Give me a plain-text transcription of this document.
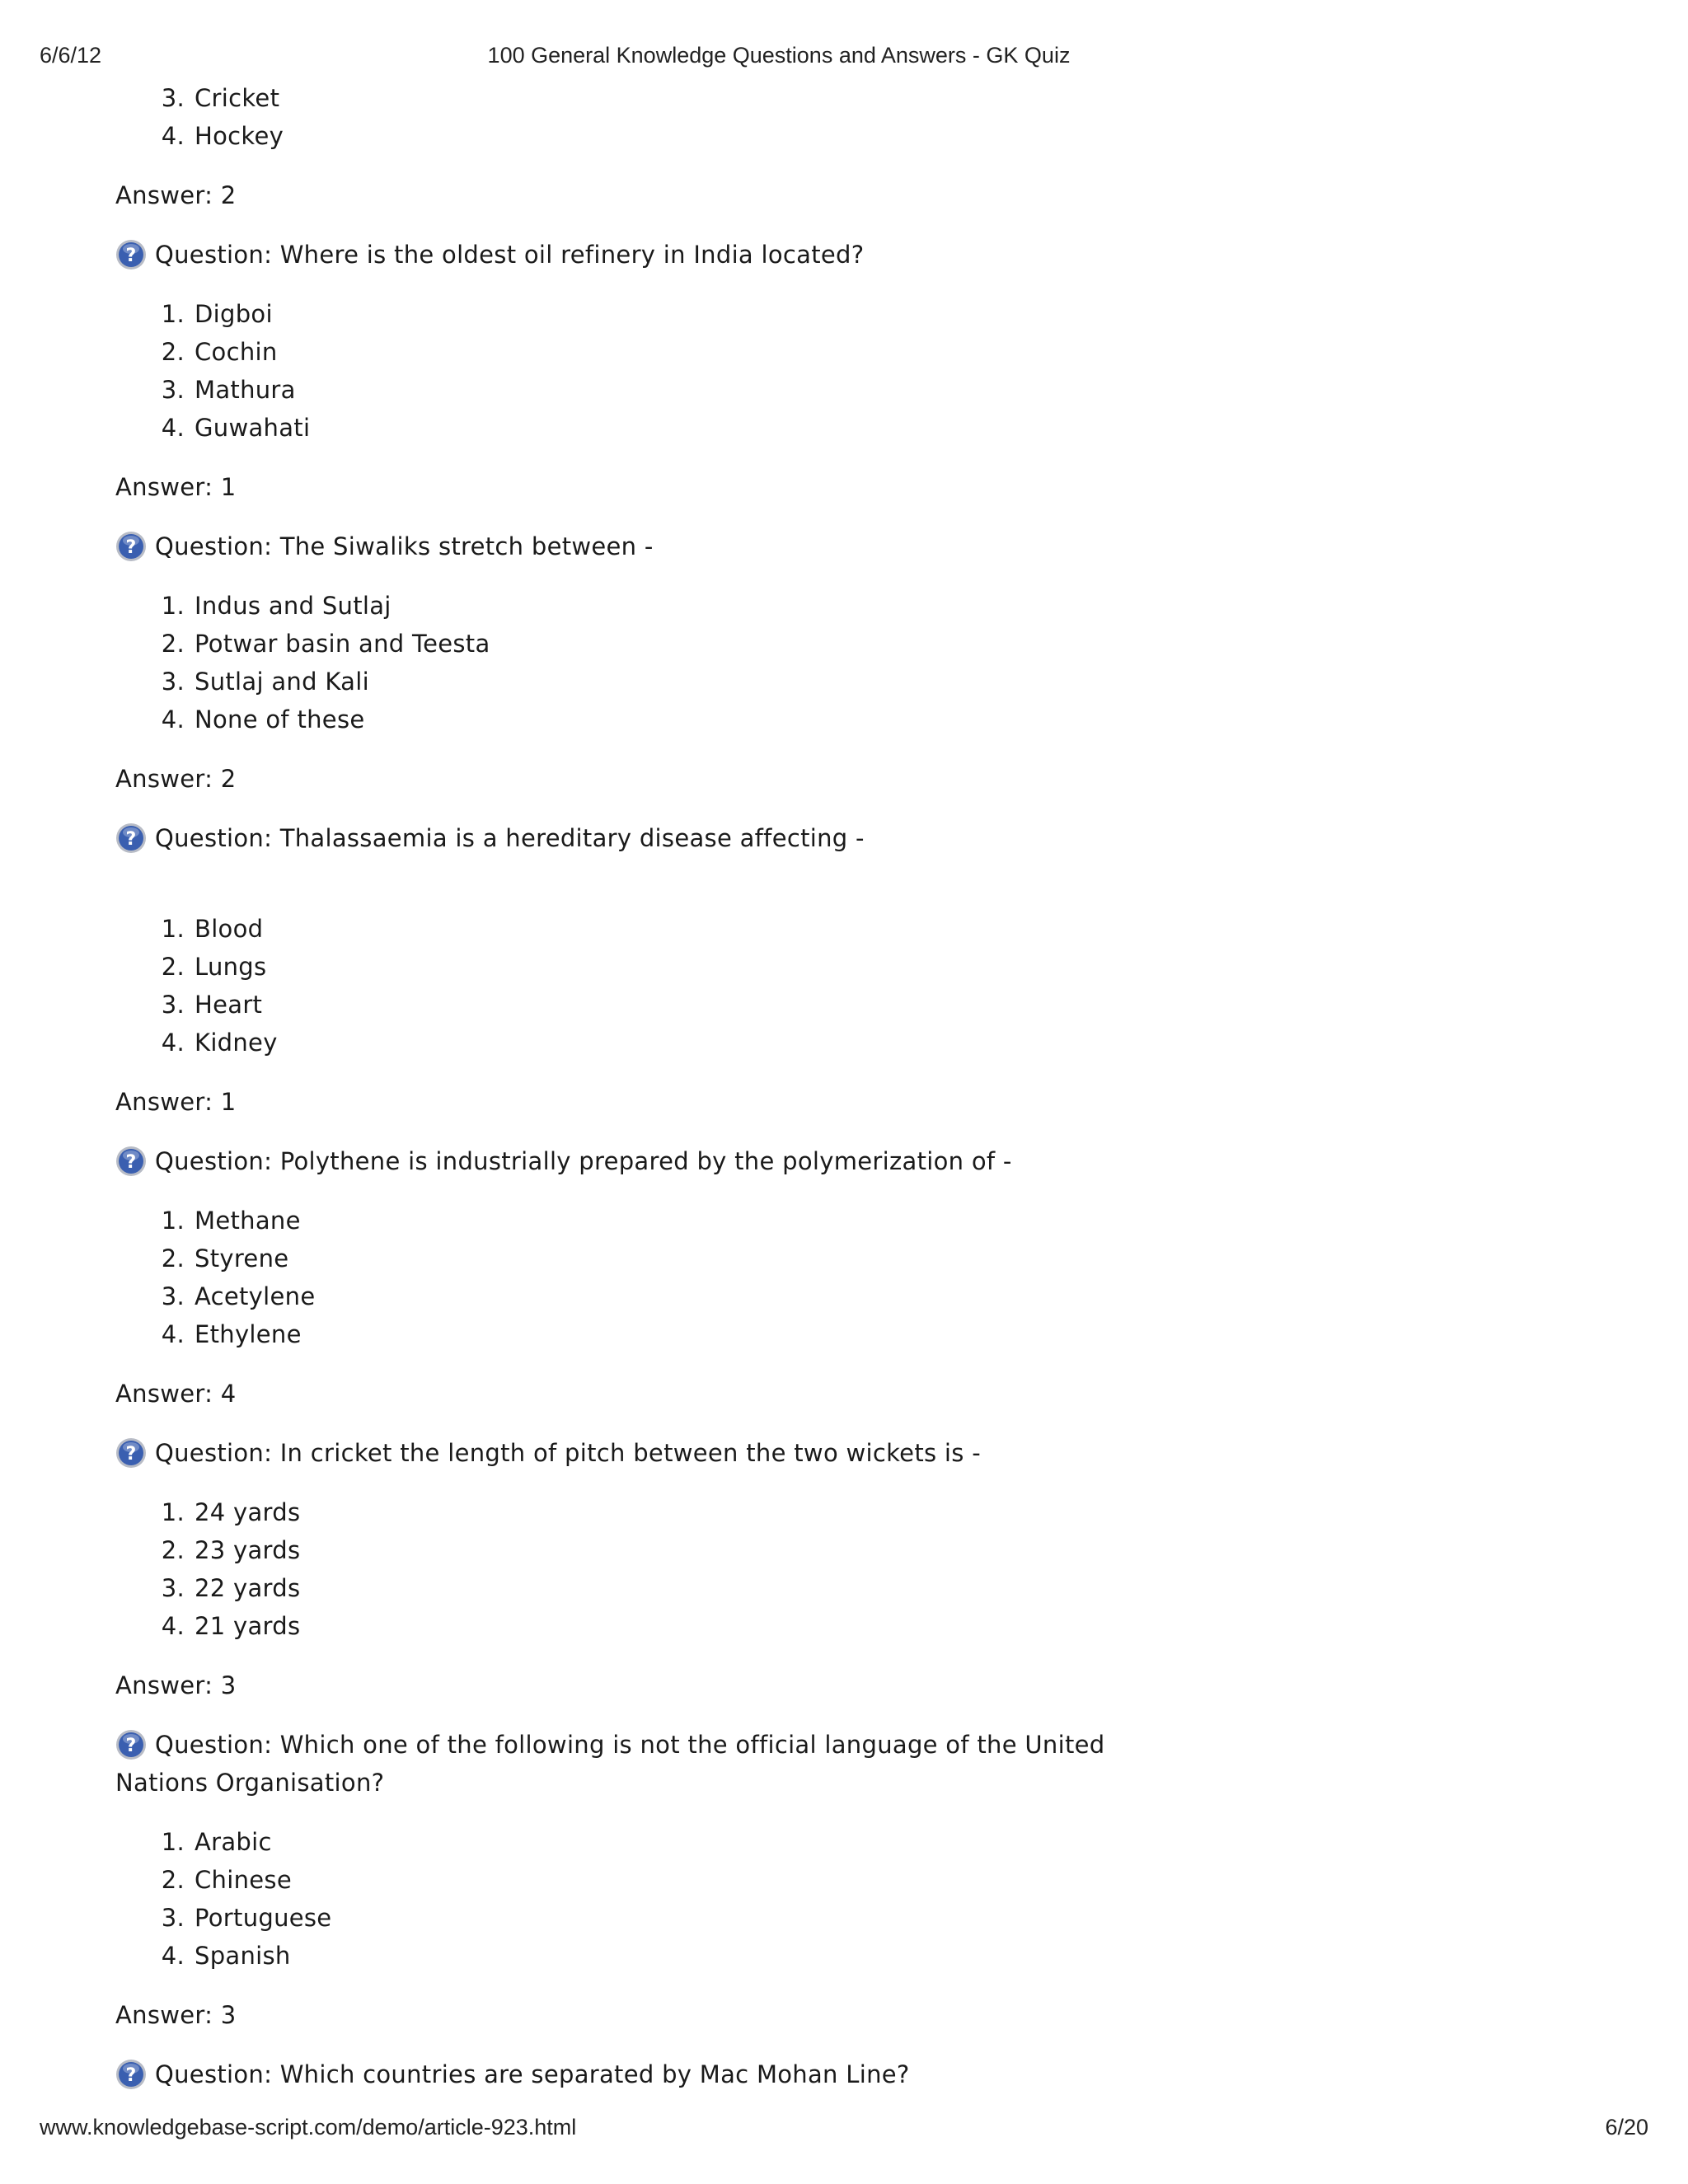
6/6/12	100 General Knowledge Questions and Answers - GK Quiz
3. Cricket
4. Hockey
Answer: 2
? Question: Where is the oldest oil refinery in India located?
1. Digboi
2. Cochin
3. Mathura
4. Guwahati
Answer: 1
? Question: The Siwaliks stretch between -
1. Indus and Sutlaj
2. Potwar basin and Teesta
3. Sutlaj and Kali
4. None of these
Answer: 2
? Question: Thalassaemia is a hereditary disease affecting -
1. Blood
2. Lungs
3. Heart
4. Kidney
Answer: 1
? Question: Polythene is industrially prepared by the polymerization of -
1. Methane
2. Styrene
3. Acetylene
4. Ethylene
Answer: 4
? Question: In cricket the length of pitch between the two wickets is -
1. 24 yards
2. 23 yards
3. 22 yards
4. 21 yards
Answer: 3
? Question: Which one of the following is not the official language of the United Nations Organisation?
1. Arabic
2. Chinese
3. Portuguese
4. Spanish
Answer: 3
? Question: Which countries are separated by Mac Mohan Line?
www.knowledgebase-script.com/demo/article-923.html	6/20
